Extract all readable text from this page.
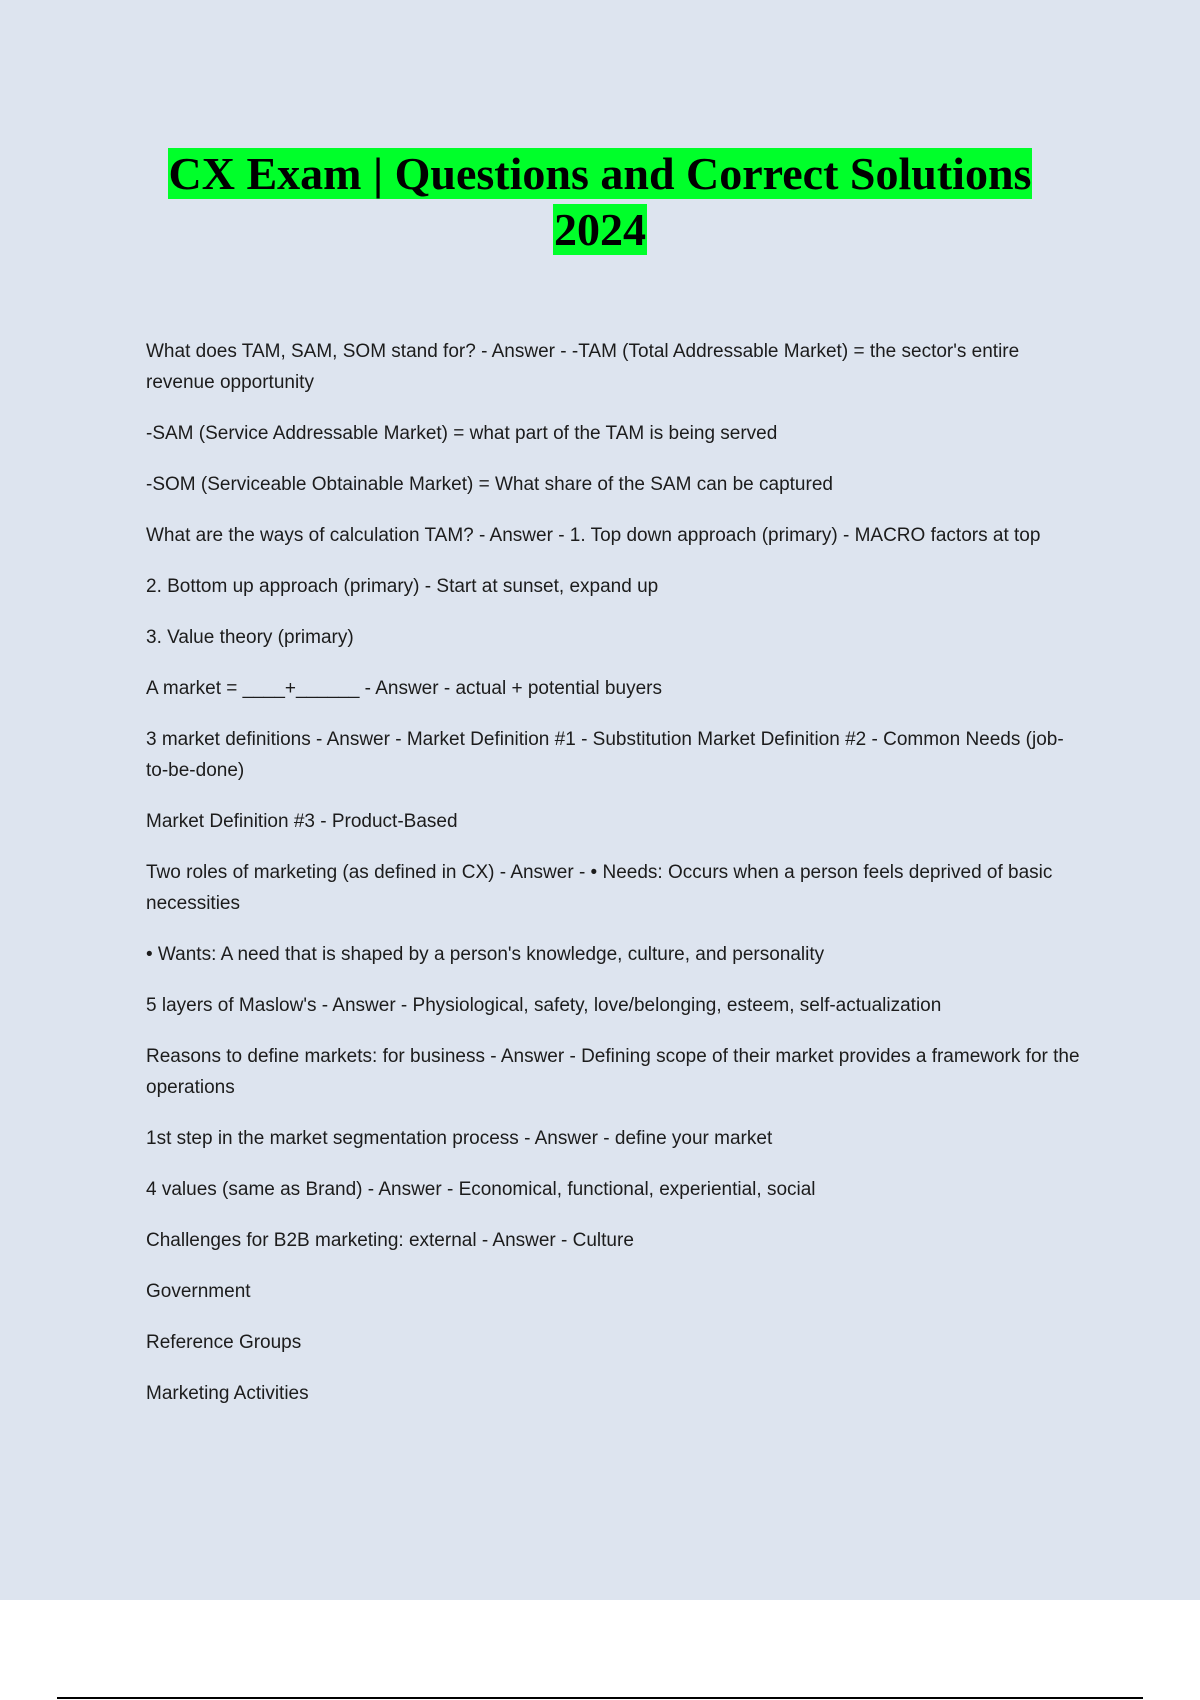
CX Exam | Questions and Correct Solutions
2024

What does TAM, SAM, SOM stand for? - Answer - -TAM (Total Addressable Market) = the sector's entire revenue opportunity

-SAM (Service Addressable Market) = what part of the TAM is being served

-SOM (Serviceable Obtainable Market) = What share of the SAM can be captured

What are the ways of calculation TAM? - Answer - 1. Top down approach (primary) - MACRO factors at top

2. Bottom up approach (primary) - Start at sunset, expand up

3. Value theory (primary)

A market = ____+______ - Answer - actual + potential buyers

3 market definitions - Answer - Market Definition #1 - Substitution Market Definition #2 - Common Needs (job-to-be-done)

Market Definition #3 - Product-Based

Two roles of marketing (as defined in CX) - Answer - • Needs: Occurs when a person feels deprived of basic necessities

• Wants: A need that is shaped by a person's knowledge, culture, and personality

5 layers of Maslow's - Answer - Physiological, safety, love/belonging, esteem, self-actualization

Reasons to define markets: for business - Answer - Defining scope of their market provides a framework for the operations

1st step in the market segmentation process - Answer - define your market

4 values (same as Brand) - Answer - Economical, functional, experiential, social

Challenges for B2B marketing: external - Answer - Culture

Government

Reference Groups

Marketing Activities
